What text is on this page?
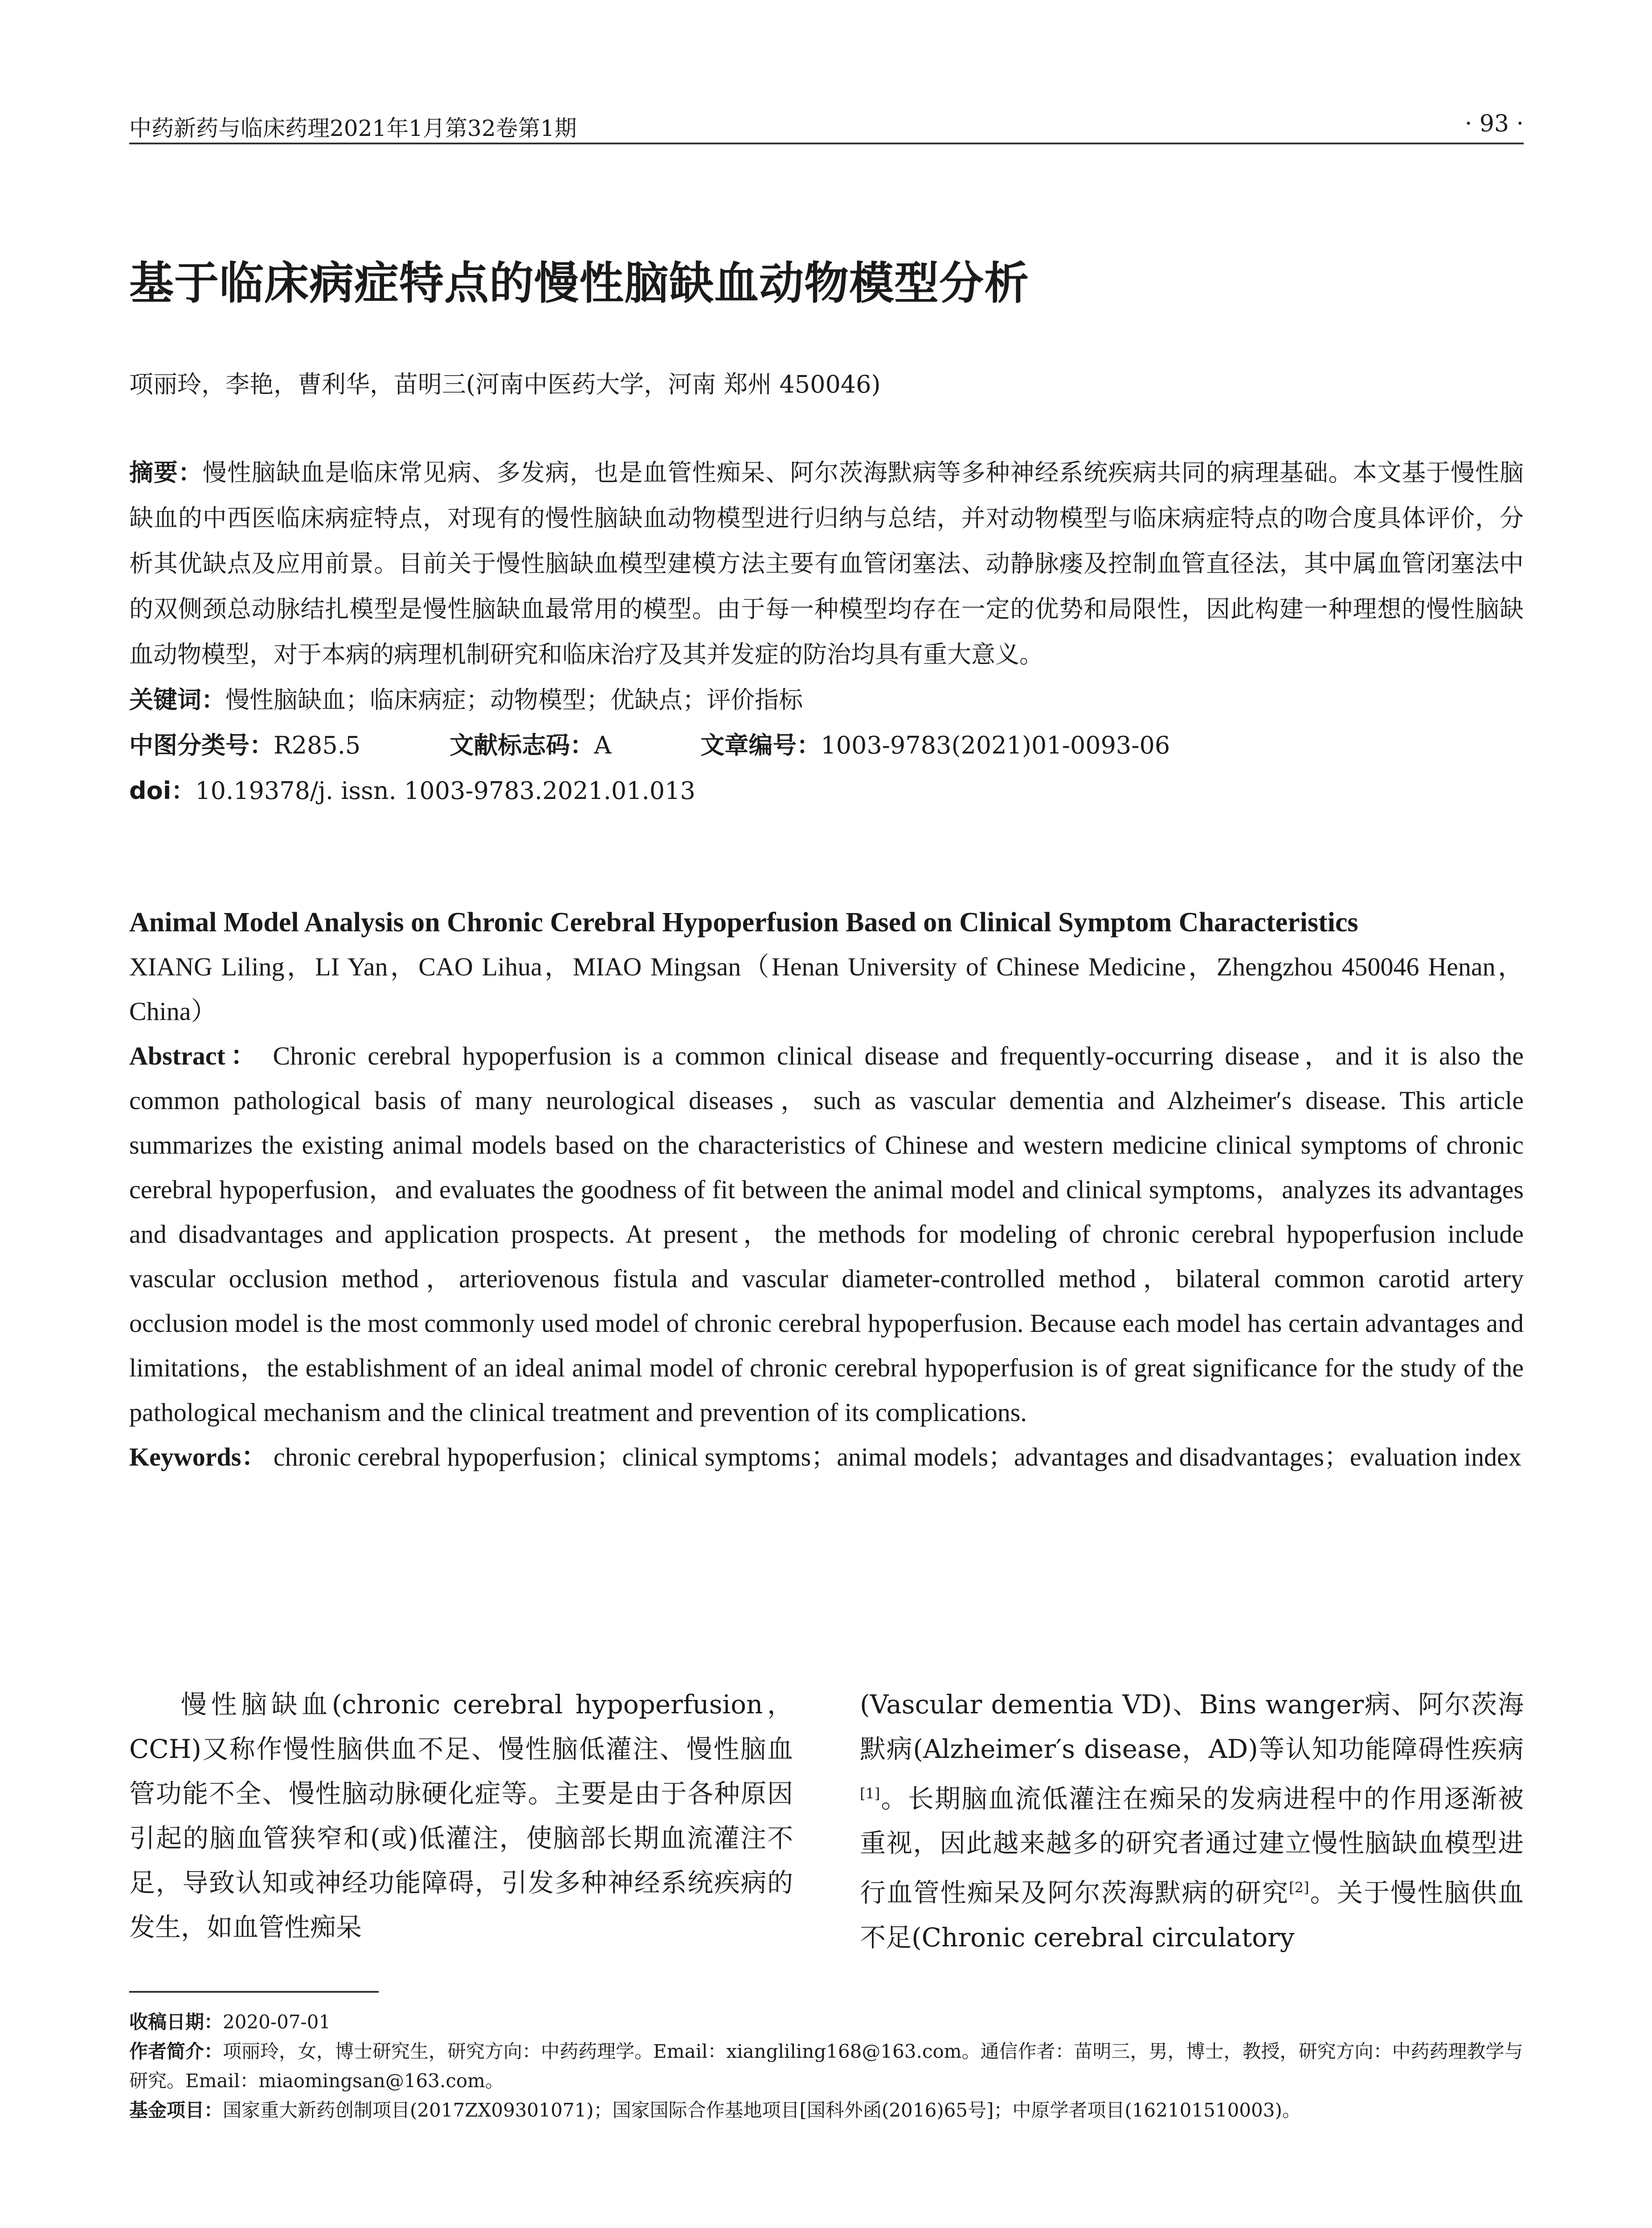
中药新药与临床药理2021年1月第32卷第1期	· 93 ·
基于临床病症特点的慢性脑缺血动物模型分析
项丽玲，李艳，曹利华，苗明三(河南中医药大学，河南 郑州 450046)

摘要：慢性脑缺血是临床常见病、多发病，也是血管性痴呆、阿尔茨海默病等多种神经系统疾病共同的病理基础。本文基于慢性脑缺血的中西医临床病症特点，对现有的慢性脑缺血动物模型进行归纳与总结，并对动物模型与临床病症特点的吻合度具体评价，分析其优缺点及应用前景。目前关于慢性脑缺血模型建模方法主要有血管闭塞法、动静脉瘘及控制血管直径法，其中属血管闭塞法中的双侧颈总动脉结扎模型是慢性脑缺血最常用的模型。由于每一种模型均存在一定的优势和局限性，因此构建一种理想的慢性脑缺血动物模型，对于本病的病理机制研究和临床治疗及其并发症的防治均具有重大意义。

关键词：慢性脑缺血；临床病症；动物模型；优缺点；评价指标

中图分类号：R285.5	文献标志码：A	文章编号：1003-9783(2021)01-0093-06

doi：10.19378/j. issn. 1003-9783.2021.01.013

Animal Model Analysis on Chronic Cerebral Hypoperfusion Based on Clinical Symptom Characteristics

XIANG Liling，LI Yan，CAO Lihua，MIAO Mingsan（Henan University of Chinese Medicine，Zhengzhou 450046 Henan，China）

Abstract： Chronic cerebral hypoperfusion is a common clinical disease and frequently-occurring disease，and it is also the common pathological basis of many neurological diseases，such as vascular dementia and Alzheimer′s disease. This article summarizes the existing animal models based on the characteristics of Chinese and western medicine clinical symptoms of chronic cerebral hypoperfusion，and evaluates the goodness of fit between the animal model and clinical symptoms，analyzes its advantages and disadvantages and application prospects. At present，the methods for modeling of chronic cerebral hypoperfusion include vascular occlusion method，arteriovenous fistula and vascular diameter-controlled method，bilateral common carotid artery occlusion model is the most commonly used model of chronic cerebral hypoperfusion. Because each model has certain advantages and limitations，the establishment of an ideal animal model of chronic cerebral hypoperfusion is of great significance for the study of the pathological mechanism and the clinical treatment and prevention of its complications.

Keywords： chronic cerebral hypoperfusion；clinical symptoms；animal models；advantages and disadvantages；evaluation index

慢性脑缺血(chronic cerebral hypoperfusion，CCH)又称作慢性脑供血不足、慢性脑低灌注、慢性脑血管功能不全、慢性脑动脉硬化症等。主要是由于各种原因引起的脑血管狭窄和(或)低灌注，使脑部长期血流灌注不足，导致认知或神经功能障碍，引发多种神经系统疾病的发生，如血管性痴呆

(Vascular dementia VD)、Bins wanger病、阿尔茨海默病(Alzheimer′s disease，AD)等认知功能障碍性疾病[1]。长期脑血流低灌注在痴呆的发病进程中的作用逐渐被重视，因此越来越多的研究者通过建立慢性脑缺血模型进行血管性痴呆及阿尔茨海默病的研究[2]。关于慢性脑供血不足(Chronic cerebral circulatory

收稿日期：2020-07-01

作者简介：项丽玲，女，博士研究生，研究方向：中药药理学。Email：xiangliling168@163.com。通信作者：苗明三，男，博士，教授，研究方向：中药药理教学与研究。Email：miaomingsan@163.com。

基金项目：国家重大新药创制项目(2017ZX09301071)；国家国际合作基地项目[国科外函(2016)65号]；中原学者项目(162101510003)。
